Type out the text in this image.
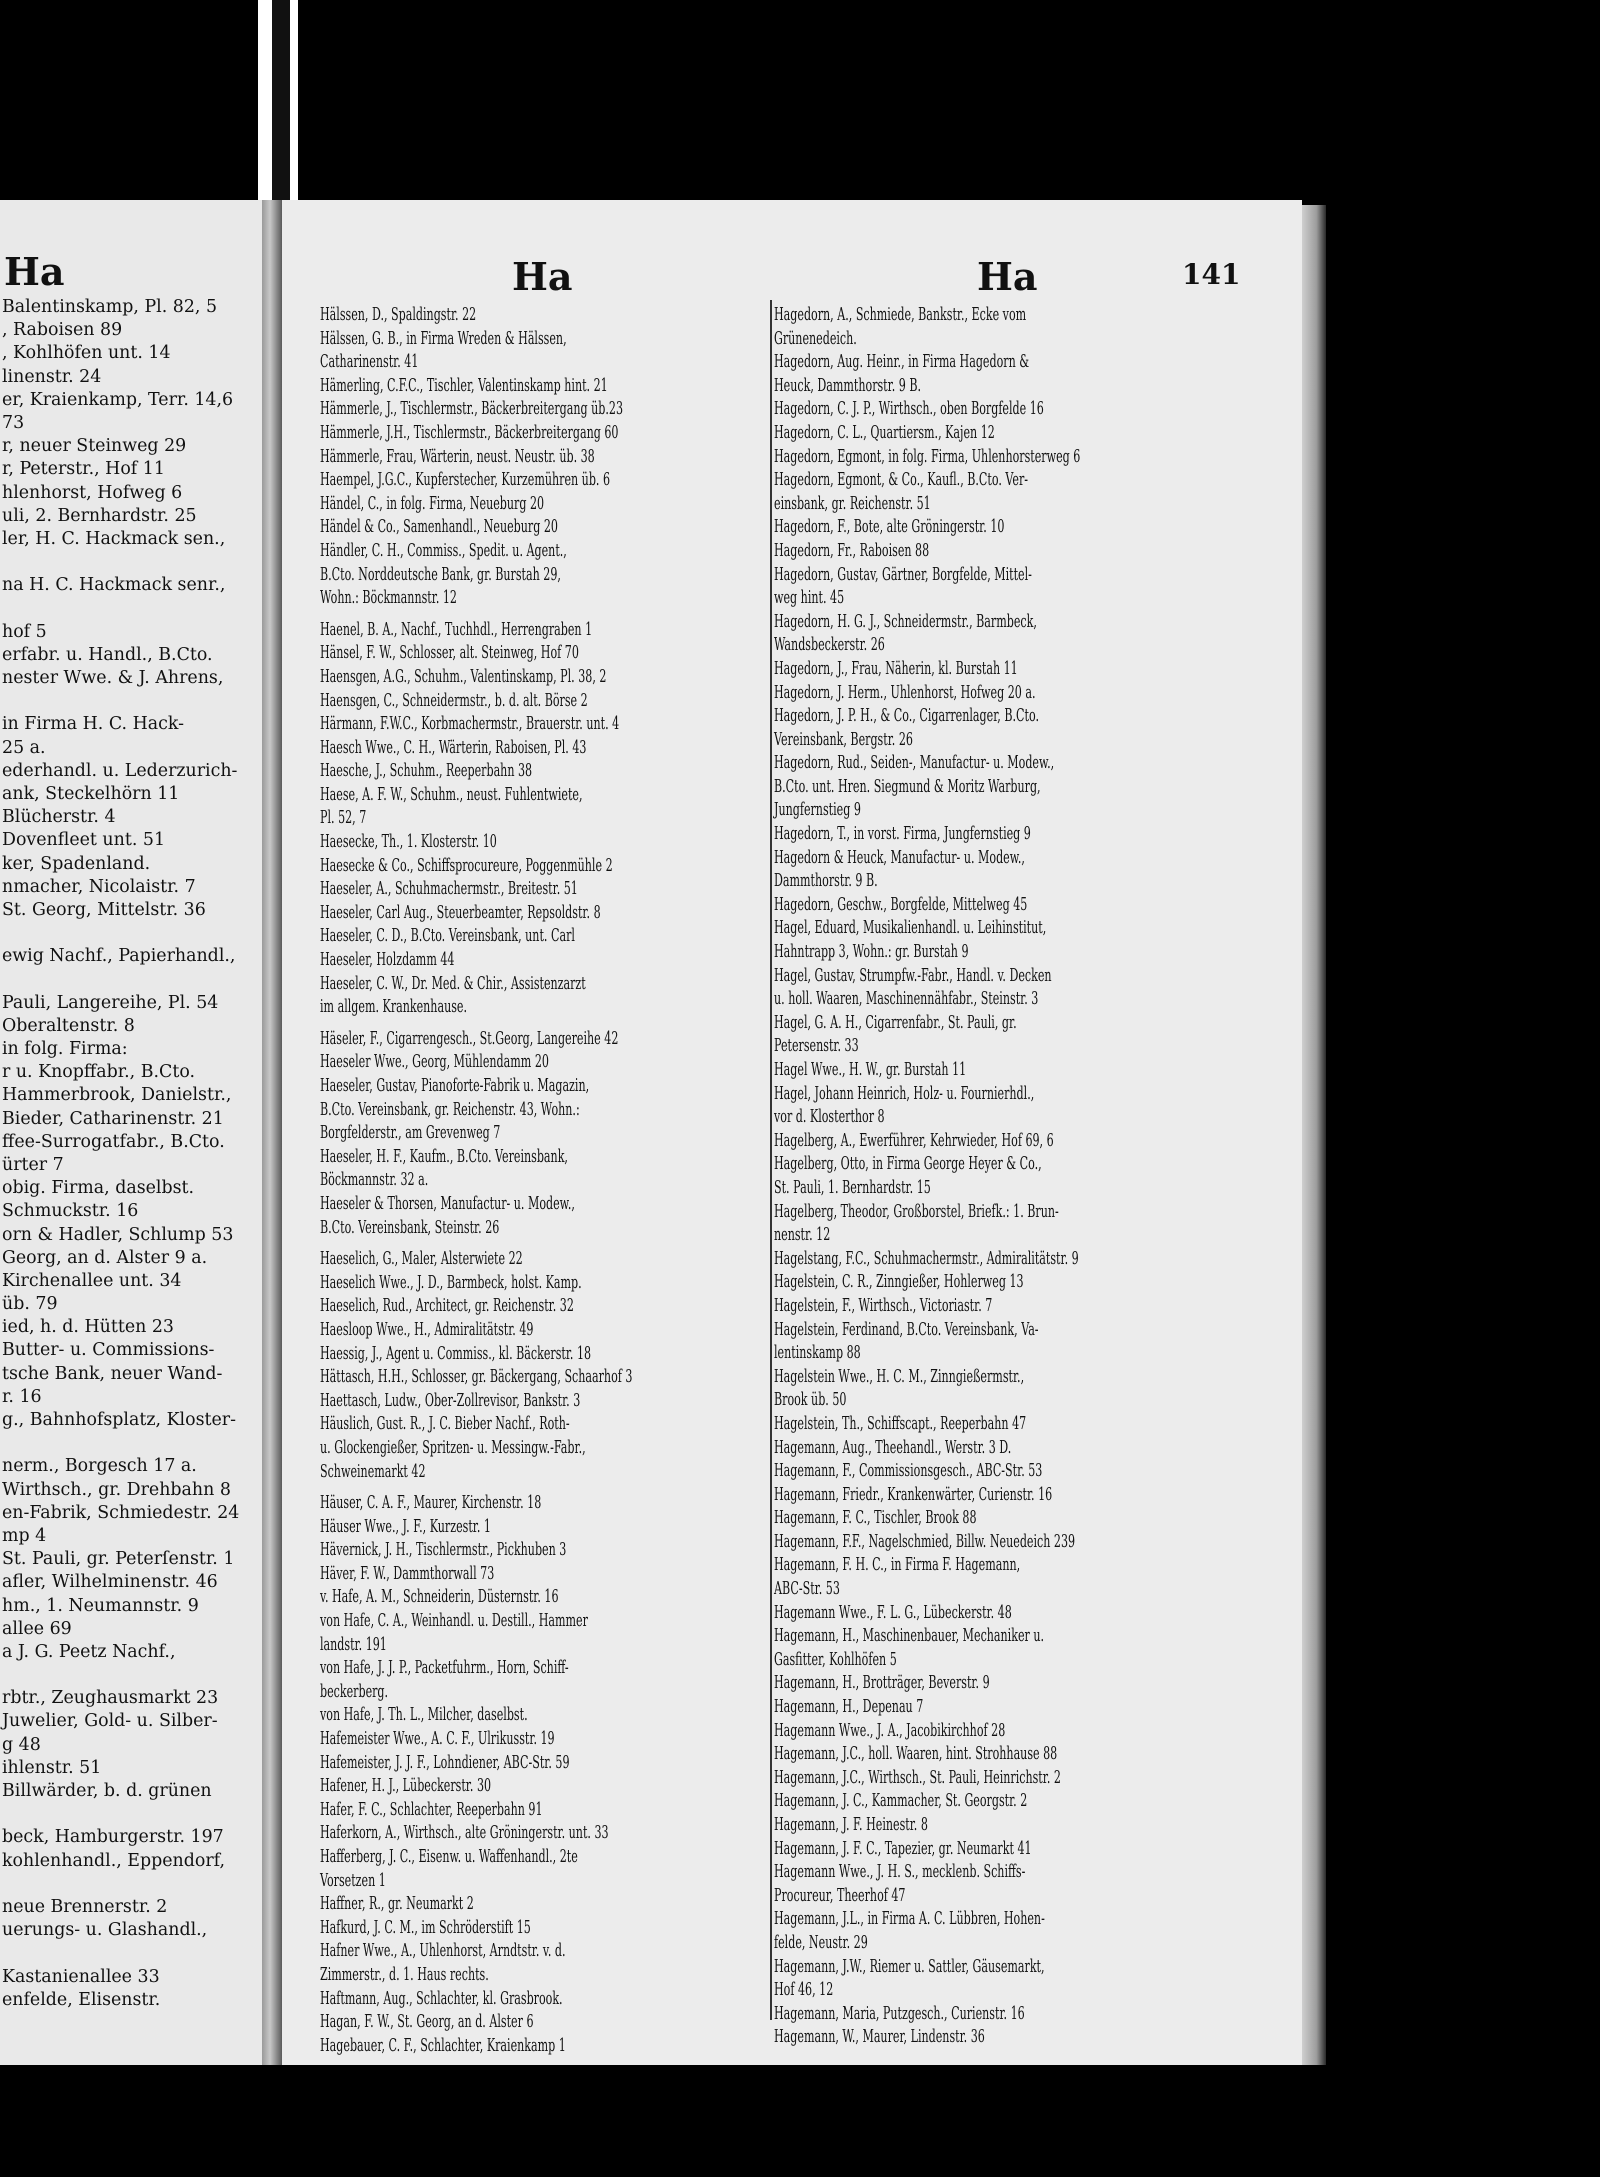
Ha
Balentinskamp, Pl. 82, 5
, Raboisen 89
, Kohlhöfen unt. 14
linenstr. 24
er, Kraienkamp, Terr. 14,6
73
r, neuer Steinweg 29
r, Peterstr., Hof 11
hlenhorst, Hofweg 6
uli, 2. Bernhardstr. 25
ler, H. C. Hackmack sen.,
na H. C. Hackmack senr.,
hof 5
erfabr. u. Handl., B.Cto.
nester Wwe. & J. Ahrens,
in Firma H. C. Hack-
25 a.
ederhandl. u. Lederzurich-
ank, Steckelhörn 11
Blücherstr. 4
Dovenfleet unt. 51
ker, Spadenland.
nmacher, Nicolaistr. 7
St. Georg, Mittelstr. 36
ewig Nachf., Papierhandl.,
Pauli, Langereihe, Pl. 54
Oberaltenstr. 8
in folg. Firma:
r u. Knopffabr., B.Cto.
Hammerbrook, Danielstr.,
Bieder, Catharinenstr. 21
ffee-Surrogatfabr., B.Cto.
ürter 7
obig. Firma, daselbst.
Schmuckstr. 16
orn & Hadler, Schlump 53
Georg, an d. Alster 9 a.
Kirchenallee unt. 34
üb. 79
ied, h. d. Hütten 23
Butter- u. Commissions-
tsche Bank, neuer Wand-
r. 16
g., Bahnhofsplatz, Kloster-
nerm., Borgesch 17 a.
Wirthsch., gr. Drehbahn 8
en-Fabrik, Schmiedestr. 24
mp 4
St. Pauli, gr. Peterſenstr. 1
afler, Wilhelminenstr. 46
hm., 1. Neumannstr. 9
allee 69
a J. G. Peetz Nachf.,
rbtr., Zeughausmarkt 23
Juwelier, Gold- u. Silber-
g 48
ihlenstr. 51
Billwärder, b. d. grünen
beck, Hamburgerstr. 197
kohlenhandl., Eppendorf,
neue Brennerstr. 2
uerungs- u. Glashandl.,
Kastanienallee 33
enfelde, Elisenstr.
Ha	Ha	141
Hälssen, D., Spaldingstr. 22
Hälssen, G. B., in Firma Wreden & Hälssen,
Catharinenstr. 41
Hämerling, C.F.C., Tischler, Valentinskamp hint. 21
Hämmerle, J., Tischlermstr., Bäckerbreitergang üb.23
Hämmerle, J.H., Tischlermstr., Bäckerbreitergang 60
Hämmerle, Frau, Wärterin, neust. Neustr. üb. 38
Haempel, J.G.C., Kupferstecher, Kurzemühren üb. 6
Händel, C., in folg. Firma, Neueburg 20
Händel & Co., Samenhandl., Neueburg 20
Händler, C. H., Commiss., Spedit. u. Agent.,
B.Cto. Norddeutsche Bank, gr. Burstah 29,
Wohn.: Böckmannstr. 12
Haenel, B. A., Nachf., Tuchhdl., Herrengraben 1
Hänsel, F. W., Schlosser, alt. Steinweg, Hof 70
Haensgen, A.G., Schuhm., Valentinskamp, Pl. 38, 2
Haensgen, C., Schneidermstr., b. d. alt. Börse 2
Härmann, F.W.C., Korbmachermstr., Brauerstr. unt. 4
Haesch Wwe., C. H., Wärterin, Raboisen, Pl. 43
Haesche, J., Schuhm., Reeperbahn 38
Haese, A. F. W., Schuhm., neust. Fuhlentwiete,
Pl. 52, 7
Haesecke, Th., 1. Klosterstr. 10
Haesecke & Co., Schiffsprocureure, Poggenmühle 2
Haeseler, A., Schuhmachermstr., Breitestr. 51
Haeseler, Carl Aug., Steuerbeamter, Repsoldstr. 8
Haeseler, C. D., B.Cto. Vereinsbank, unt. Carl
Haeseler, Holzdamm 44
Haeseler, C. W., Dr. Med. & Chir., Assistenzarzt
im allgem. Krankenhause.
Häseler, F., Cigarrengesch., St.Georg, Langereihe 42
Haeseler Wwe., Georg, Mühlendamm 20
Haeseler, Gustav, Pianoforte-Fabrik u. Magazin,
B.Cto. Vereinsbank, gr. Reichenstr. 43, Wohn.:
Borgfelderstr., am Grevenweg 7
Haeseler, H. F., Kaufm., B.Cto. Vereinsbank,
Böckmannstr. 32 a.
Haeseler & Thorsen, Manufactur- u. Modew.,
B.Cto. Vereinsbank, Steinstr. 26
Haeselich, G., Maler, Alsterwiete 22
Haeselich Wwe., J. D., Barmbeck, holst. Kamp.
Haeselich, Rud., Architect, gr. Reichenstr. 32
Haesloop Wwe., H., Admiralitätstr. 49
Haessig, J., Agent u. Commiss., kl. Bäckerstr. 18
Hättasch, H.H., Schlosser, gr. Bäckergang, Schaarhof 3
Haettasch, Ludw., Ober-Zollrevisor, Bankstr. 3
Häuslich, Gust. R., J. C. Bieber Nachf., Roth-
u. Glockengießer, Spritzen- u. Messingw.-Fabr.,
Schweinemarkt 42
Häuser, C. A. F., Maurer, Kirchenstr. 18
Häuser Wwe., J. F., Kurzestr. 1
Hävernick, J. H., Tischlermstr., Pickhuben 3
Häver, F. W., Dammthorwall 73
v. Hafe, A. M., Schneiderin, Düsternstr. 16
von Hafe, C. A., Weinhandl. u. Destill., Hammer
landstr. 191
von Hafe, J. J. P., Packetfuhrm., Horn, Schiff-
beckerberg.
von Hafe, J. Th. L., Milcher, daselbst.
Hafemeister Wwe., A. C. F., Ulrikusstr. 19
Hafemeister, J. J. F., Lohndiener, ABC-Str. 59
Hafener, H. J., Lübeckerstr. 30
Hafer, F. C., Schlachter, Reeperbahn 91
Haferkorn, A., Wirthsch., alte Gröningerstr. unt. 33
Hafferberg, J. C., Eisenw. u. Waffenhandl., 2te
Vorsetzen 1
Haffner, R., gr. Neumarkt 2
Hafkurd, J. C. M., im Schröderstift 15
Hafner Wwe., A., Uhlenhorst, Arndtstr. v. d.
Zimmerstr., d. 1. Haus rechts.
Haftmann, Aug., Schlachter, kl. Grasbrook.
Hagan, F. W., St. Georg, an d. Alster 6
Hagebauer, C. F., Schlachter, Kraienkamp 1
Hagedorn, A., Schmiede, Bankstr., Ecke vom
Grünenedeich.
Hagedorn, Aug. Heinr., in Firma Hagedorn &
Heuck, Dammthorstr. 9 B.
Hagedorn, C. J. P., Wirthsch., oben Borgfelde 16
Hagedorn, C. L., Quartiersm., Kajen 12
Hagedorn, Egmont, in folg. Firma, Uhlenhorsterweg 6
Hagedorn, Egmont, & Co., Kaufl., B.Cto. Ver-
einsbank, gr. Reichenstr. 51
Hagedorn, F., Bote, alte Gröningerstr. 10
Hagedorn, Fr., Raboisen 88
Hagedorn, Gustav, Gärtner, Borgfelde, Mittel-
weg hint. 45
Hagedorn, H. G. J., Schneidermstr., Barmbeck,
Wandsbeckerstr. 26
Hagedorn, J., Frau, Näherin, kl. Burstah 11
Hagedorn, J. Herm., Uhlenhorst, Hofweg 20 a.
Hagedorn, J. P. H., & Co., Cigarrenlager, B.Cto.
Vereinsbank, Bergstr. 26
Hagedorn, Rud., Seiden-, Manufactur- u. Modew.,
B.Cto. unt. Hren. Siegmund & Moritz Warburg,
Jungfernstieg 9
Hagedorn, T., in vorst. Firma, Jungfernstieg 9
Hagedorn & Heuck, Manufactur- u. Modew.,
Dammthorstr. 9 B.
Hagedorn, Geschw., Borgfelde, Mittelweg 45
Hagel, Eduard, Musikalienhandl. u. Leihinstitut,
Hahntrapp 3, Wohn.: gr. Burstah 9
Hagel, Gustav, Strumpfw.-Fabr., Handl. v. Decken
u. holl. Waaren, Maschinennähfabr., Steinstr. 3
Hagel, G. A. H., Cigarrenfabr., St. Pauli, gr.
Petersenstr. 33
Hagel Wwe., H. W., gr. Burstah 11
Hagel, Johann Heinrich, Holz- u. Fournierhdl.,
vor d. Klosterthor 8
Hagelberg, A., Ewerführer, Kehrwieder, Hof 69, 6
Hagelberg, Otto, in Firma George Heyer & Co.,
St. Pauli, 1. Bernhardstr. 15
Hagelberg, Theodor, Großborstel, Briefk.: 1. Brun-
nenstr. 12
Hagelstang, F.C., Schuhmachermstr., Admiralitätstr. 9
Hagelstein, C. R., Zinngießer, Hohlerweg 13
Hagelstein, F., Wirthsch., Victoriastr. 7
Hagelstein, Ferdinand, B.Cto. Vereinsbank, Va-
lentinskamp 88
Hagelstein Wwe., H. C. M., Zinngießermstr.,
Brook üb. 50
Hagelstein, Th., Schiffscapt., Reeperbahn 47
Hagemann, Aug., Theehandl., Werstr. 3 D.
Hagemann, F., Commissionsgesch., ABC-Str. 53
Hagemann, Friedr., Krankenwärter, Curienstr. 16
Hagemann, F. C., Tischler, Brook 88
Hagemann, F.F., Nagelschmied, Billw. Neuedeich 239
Hagemann, F. H. C., in Firma F. Hagemann,
ABC-Str. 53
Hagemann Wwe., F. L. G., Lübeckerstr. 48
Hagemann, H., Maschinenbauer, Mechaniker u.
Gasfitter, Kohlhöfen 5
Hagemann, H., Brotträger, Beverstr. 9
Hagemann, H., Depenau 7
Hagemann Wwe., J. A., Jacobikirchhof 28
Hagemann, J.C., holl. Waaren, hint. Strohhause 88
Hagemann, J.C., Wirthsch., St. Pauli, Heinrichstr. 2
Hagemann, J. C., Kammacher, St. Georgstr. 2
Hagemann, J. F. Heinestr. 8
Hagemann, J. F. C., Tapezier, gr. Neumarkt 41
Hagemann Wwe., J. H. S., mecklenb. Schiffs-
Procureur, Theerhof 47
Hagemann, J.L., in Firma A. C. Lübbren, Hohen-
felde, Neustr. 29
Hagemann, J.W., Riemer u. Sattler, Gäusemarkt,
Hof 46, 12
Hagemann, Maria, Putzgesch., Curienstr. 16
Hagemann, W., Maurer, Lindenstr. 36
